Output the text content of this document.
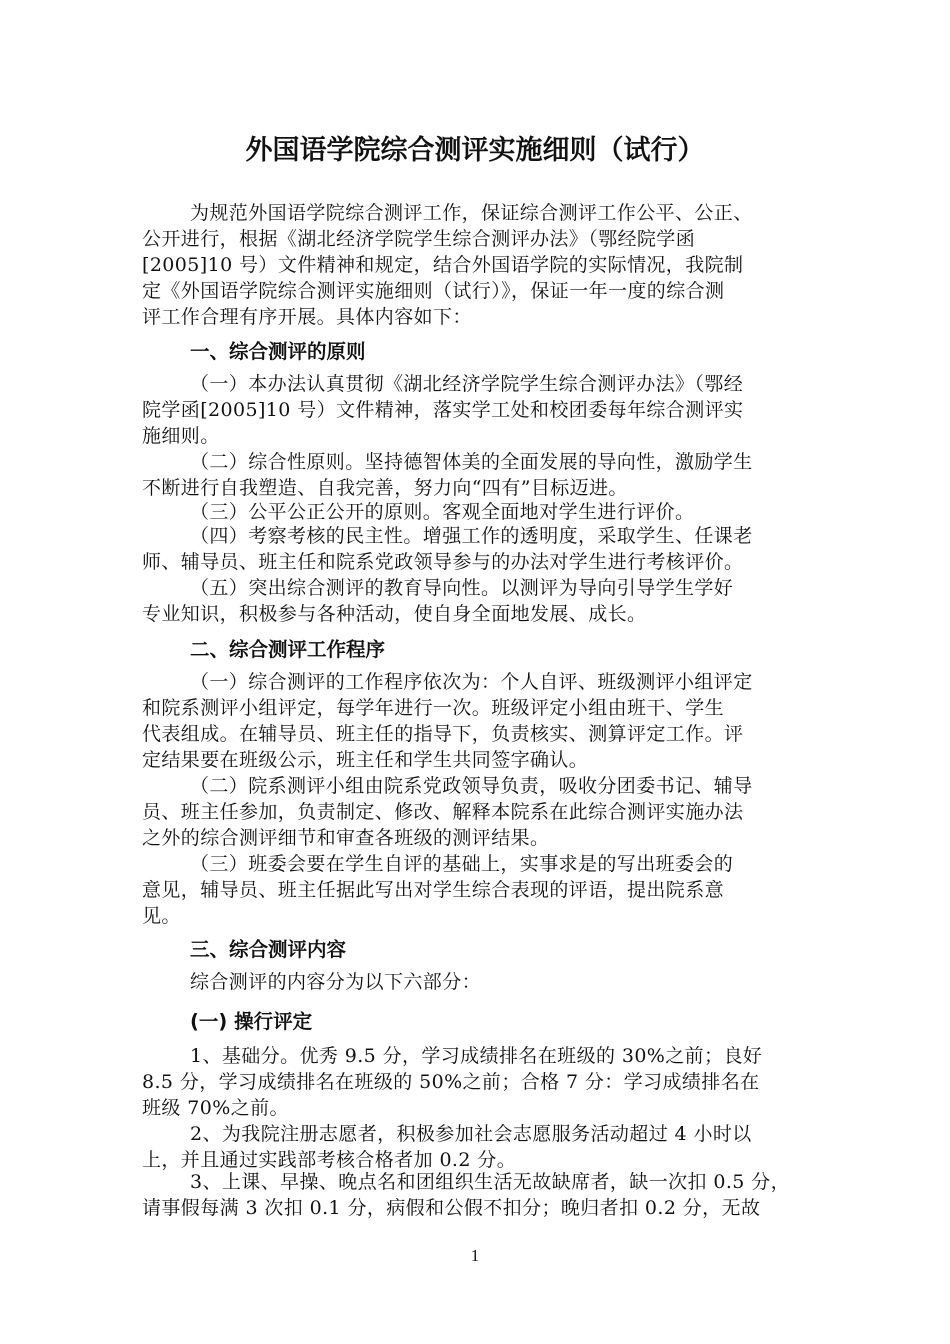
外国语学院综合测评实施细则（试行）
为规范外国语学院综合测评工作，保证综合测评工作公平、公正、
公开进行，根据《湖北经济学院学生综合测评办法》（鄂经院学函
[2005]10 号）文件精神和规定，结合外国语学院的实际情况，我院制
定《外国语学院综合测评实施细则（试行）》，保证一年一度的综合测
评工作合理有序开展。具体内容如下：
一、综合测评的原则
（一）本办法认真贯彻《湖北经济学院学生综合测评办法》（鄂经
院学函[2005]10 号）文件精神，落实学工处和校团委每年综合测评实
施细则。
（二）综合性原则。坚持德智体美的全面发展的导向性，激励学生
不断进行自我塑造、自我完善，努力向“四有”目标迈进。
（三）公平公正公开的原则。客观全面地对学生进行评价。
（四）考察考核的民主性。增强工作的透明度，采取学生、任课老
师、辅导员、班主任和院系党政领导参与的办法对学生进行考核评价。
（五）突出综合测评的教育导向性。以测评为导向引导学生学好
专业知识，积极参与各种活动，使自身全面地发展、成长。
二、综合测评工作程序
（一）综合测评的工作程序依次为：个人自评、班级测评小组评定
和院系测评小组评定，每学年进行一次。班级评定小组由班干、学生
代表组成。在辅导员、班主任的指导下，负责核实、测算评定工作。评
定结果要在班级公示，班主任和学生共同签字确认。
（二）院系测评小组由院系党政领导负责，吸收分团委书记、辅导
员、班主任参加，负责制定、修改、解释本院系在此综合测评实施办法
之外的综合测评细节和审查各班级的测评结果。
（三）班委会要在学生自评的基础上，实事求是的写出班委会的
意见，辅导员、班主任据此写出对学生综合表现的评语，提出院系意
见。
三、综合测评内容
综合测评的内容分为以下六部分：
(一) 操行评定
1、基础分。优秀 9.5 分，学习成绩排名在班级的 30%之前；良好
8.5 分，学习成绩排名在班级的 50%之前；合格 7 分：学习成绩排名在
班级 70%之前。
2、为我院注册志愿者，积极参加社会志愿服务活动超过 4 小时以
上，并且通过实践部考核合格者加 0.2 分。
3、上课、早操、晚点名和团组织生活无故缺席者，缺一次扣 0.5 分，
请事假每满 3 次扣 0.1 分，病假和公假不扣分；晚归者扣 0.2 分，无故
1
